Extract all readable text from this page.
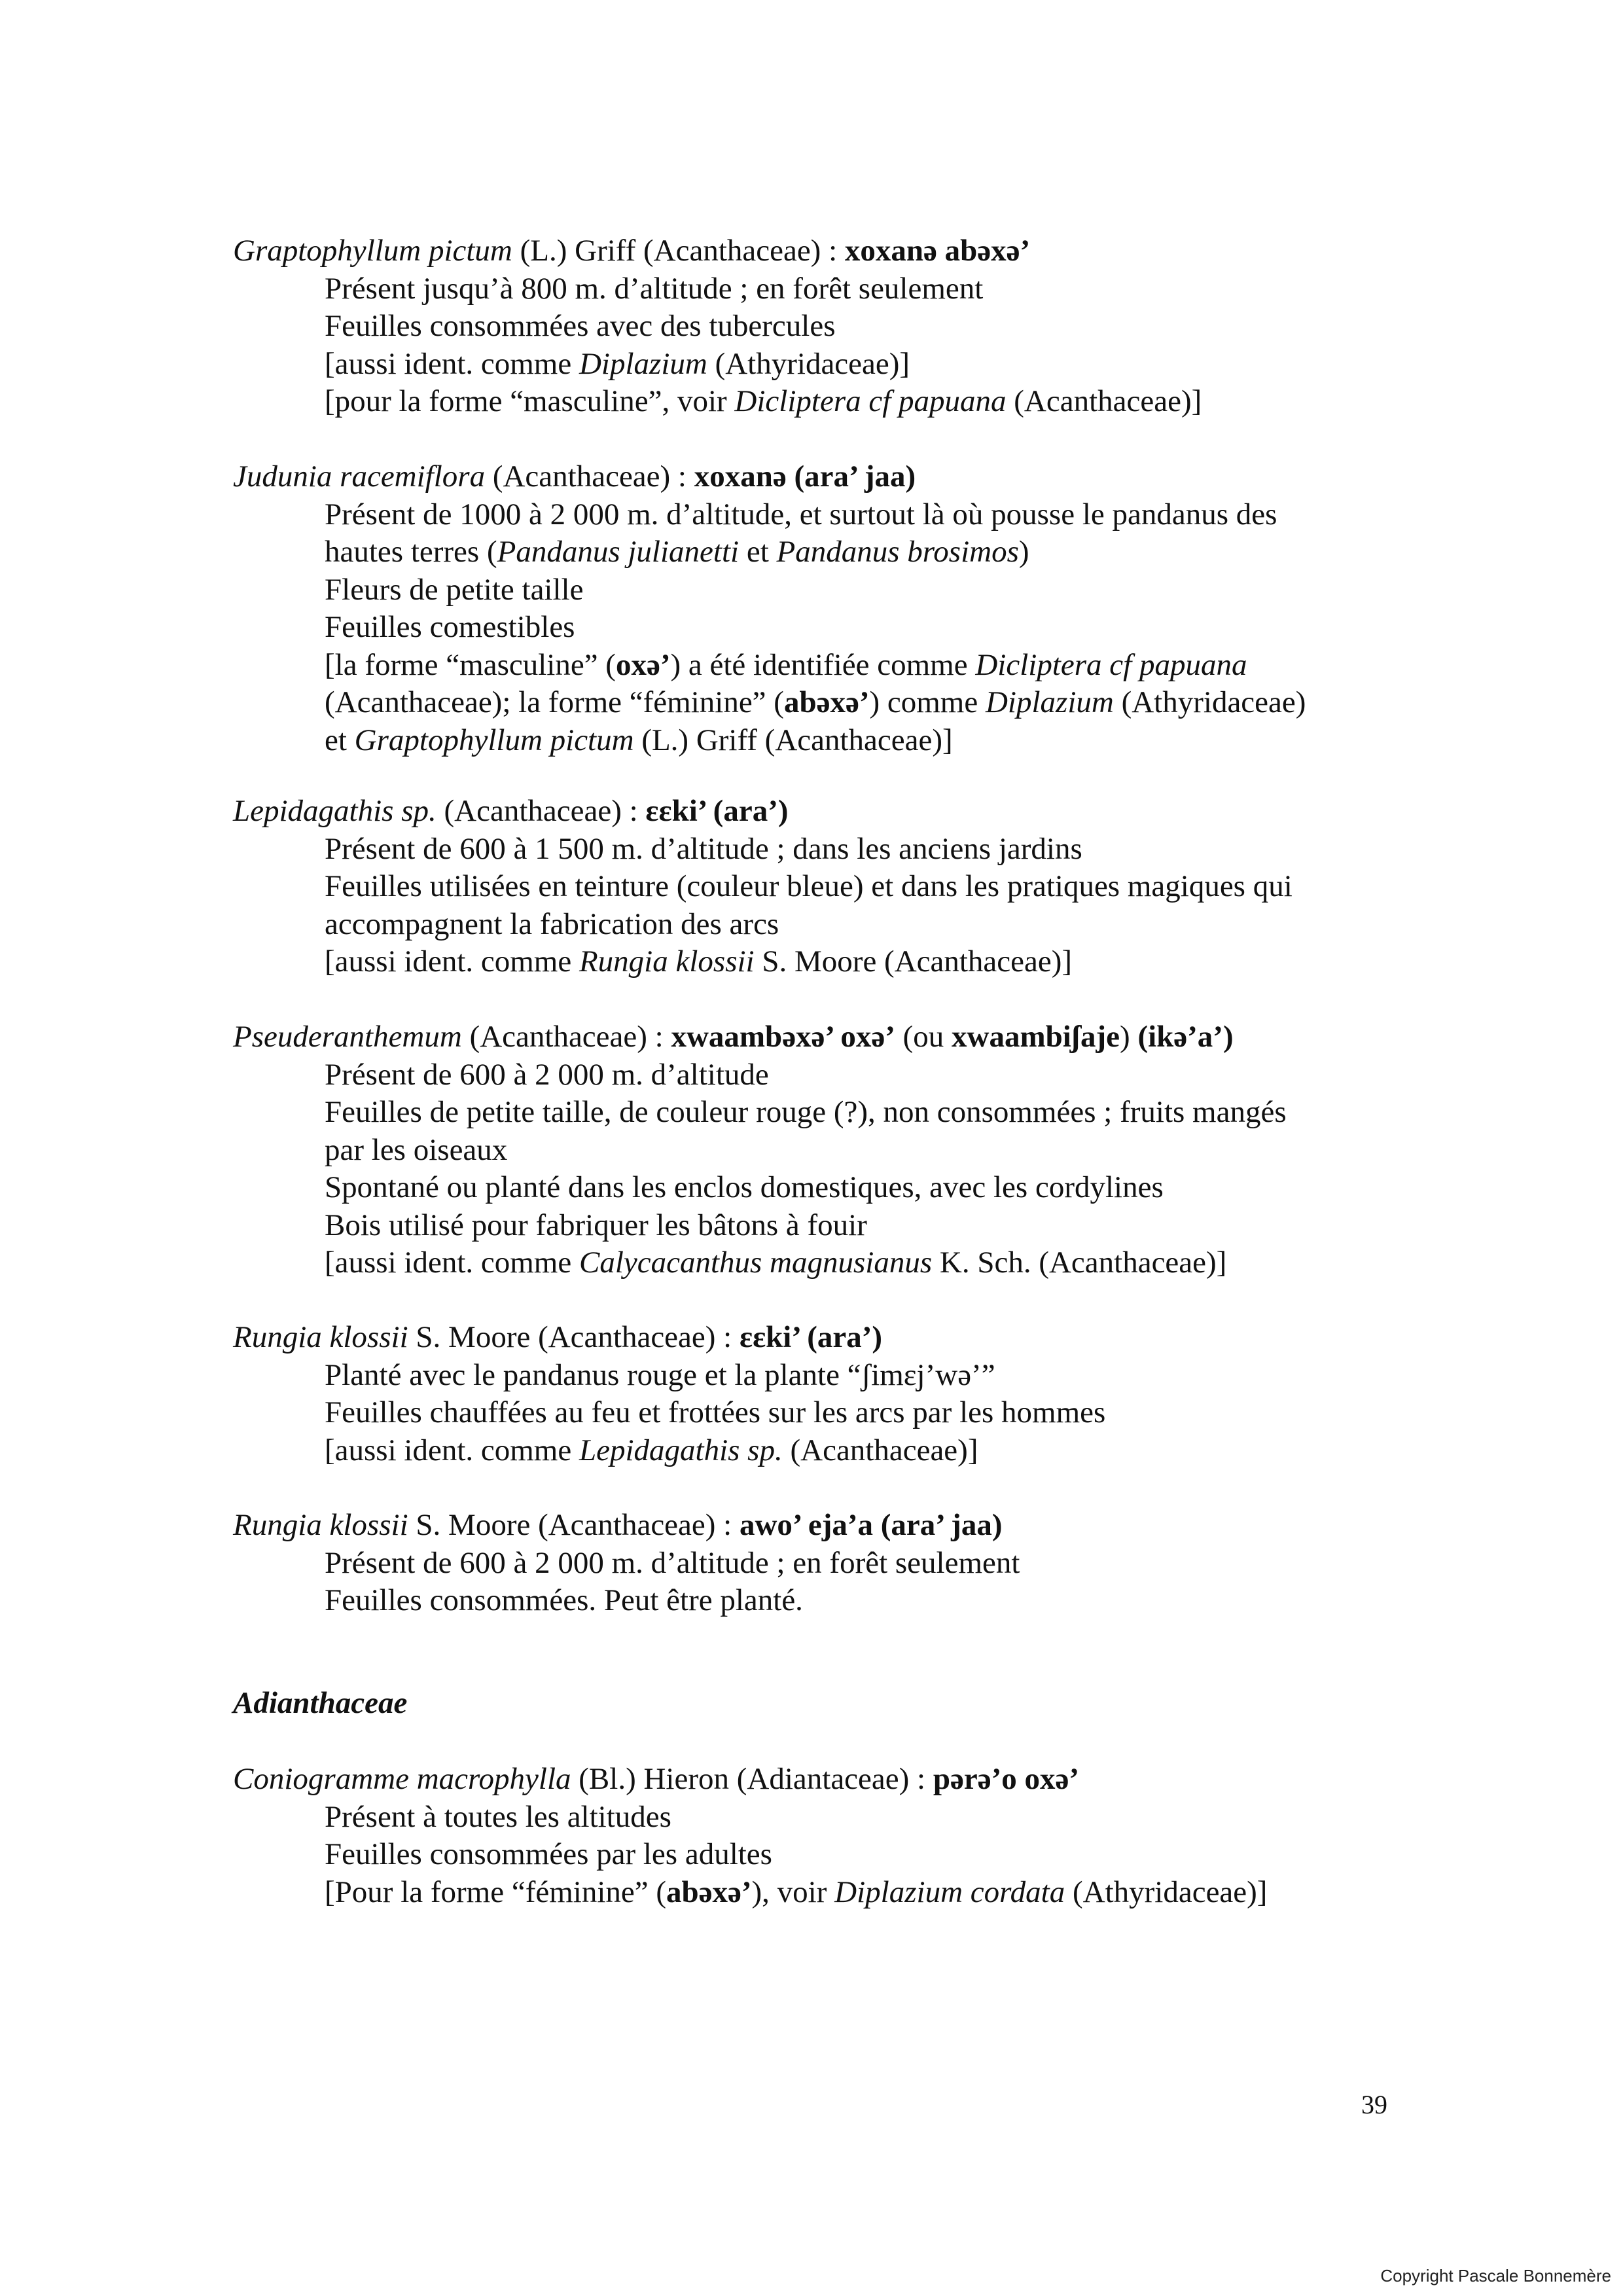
Graptophyllum pictum (L.) Griff (Acanthaceae) : xoxanə abəxə’
Présent jusqu’à 800 m. d’altitude ; en forêt seulement
Feuilles consommées avec des tubercules
[aussi ident. comme Diplazium (Athyridaceae)]
[pour la forme “masculine”, voir Dicliptera cf papuana (Acanthaceae)]
Judunia racemiflora (Acanthaceae) : xoxanə (ara’ jaa)
Présent de 1000 à 2 000 m. d’altitude, et surtout là où pousse le pandanus des
hautes terres (Pandanus julianetti et Pandanus brosimos)
Fleurs de petite taille
Feuilles comestibles
[la forme “masculine” (oxə’) a été identifiée comme Dicliptera cf papuana
(Acanthaceae); la forme “féminine” (abəxə’) comme Diplazium (Athyridaceae)
et Graptophyllum pictum (L.) Griff (Acanthaceae)]
Lepidagathis sp. (Acanthaceae) : εεki’ (ara’)
Présent de 600 à 1 500 m. d’altitude ; dans les anciens jardins
Feuilles utilisées en teinture (couleur bleue) et dans les pratiques magiques qui
accompagnent la fabrication des arcs
[aussi ident. comme Rungia klossii S. Moore (Acanthaceae)]
Pseuderanthemum (Acanthaceae) : xwaambəxə’ oxə’ (ou xwaambiʃaje) (ikə’a’)
Présent de 600 à 2 000 m. d’altitude
Feuilles de petite taille, de couleur rouge (?), non consommées ; fruits mangés
par les oiseaux
Spontané ou planté dans les enclos domestiques, avec les cordylines
Bois utilisé pour fabriquer les bâtons à fouir
[aussi ident. comme Calycacanthus magnusianus K. Sch. (Acanthaceae)]
Rungia klossii S. Moore (Acanthaceae) : εεki’ (ara’)
Planté avec le pandanus rouge et la plante “ʃimεj’wə’”
Feuilles chauffées au feu et frottées sur les arcs par les hommes
[aussi ident. comme Lepidagathis sp. (Acanthaceae)]
Rungia klossii S. Moore (Acanthaceae) : awo’ eja’a (ara’ jaa)
Présent de 600 à 2 000 m. d’altitude ; en forêt seulement
Feuilles consommées. Peut être planté.
Adianthaceae
Coniogramme macrophylla (Bl.) Hieron (Adiantaceae) : pərə’o oxə’
Présent à toutes les altitudes
Feuilles consommées par les adultes
[Pour la forme “féminine” (abəxə’), voir Diplazium cordata (Athyridaceae)]
39
Copyright Pascale Bonnemère
